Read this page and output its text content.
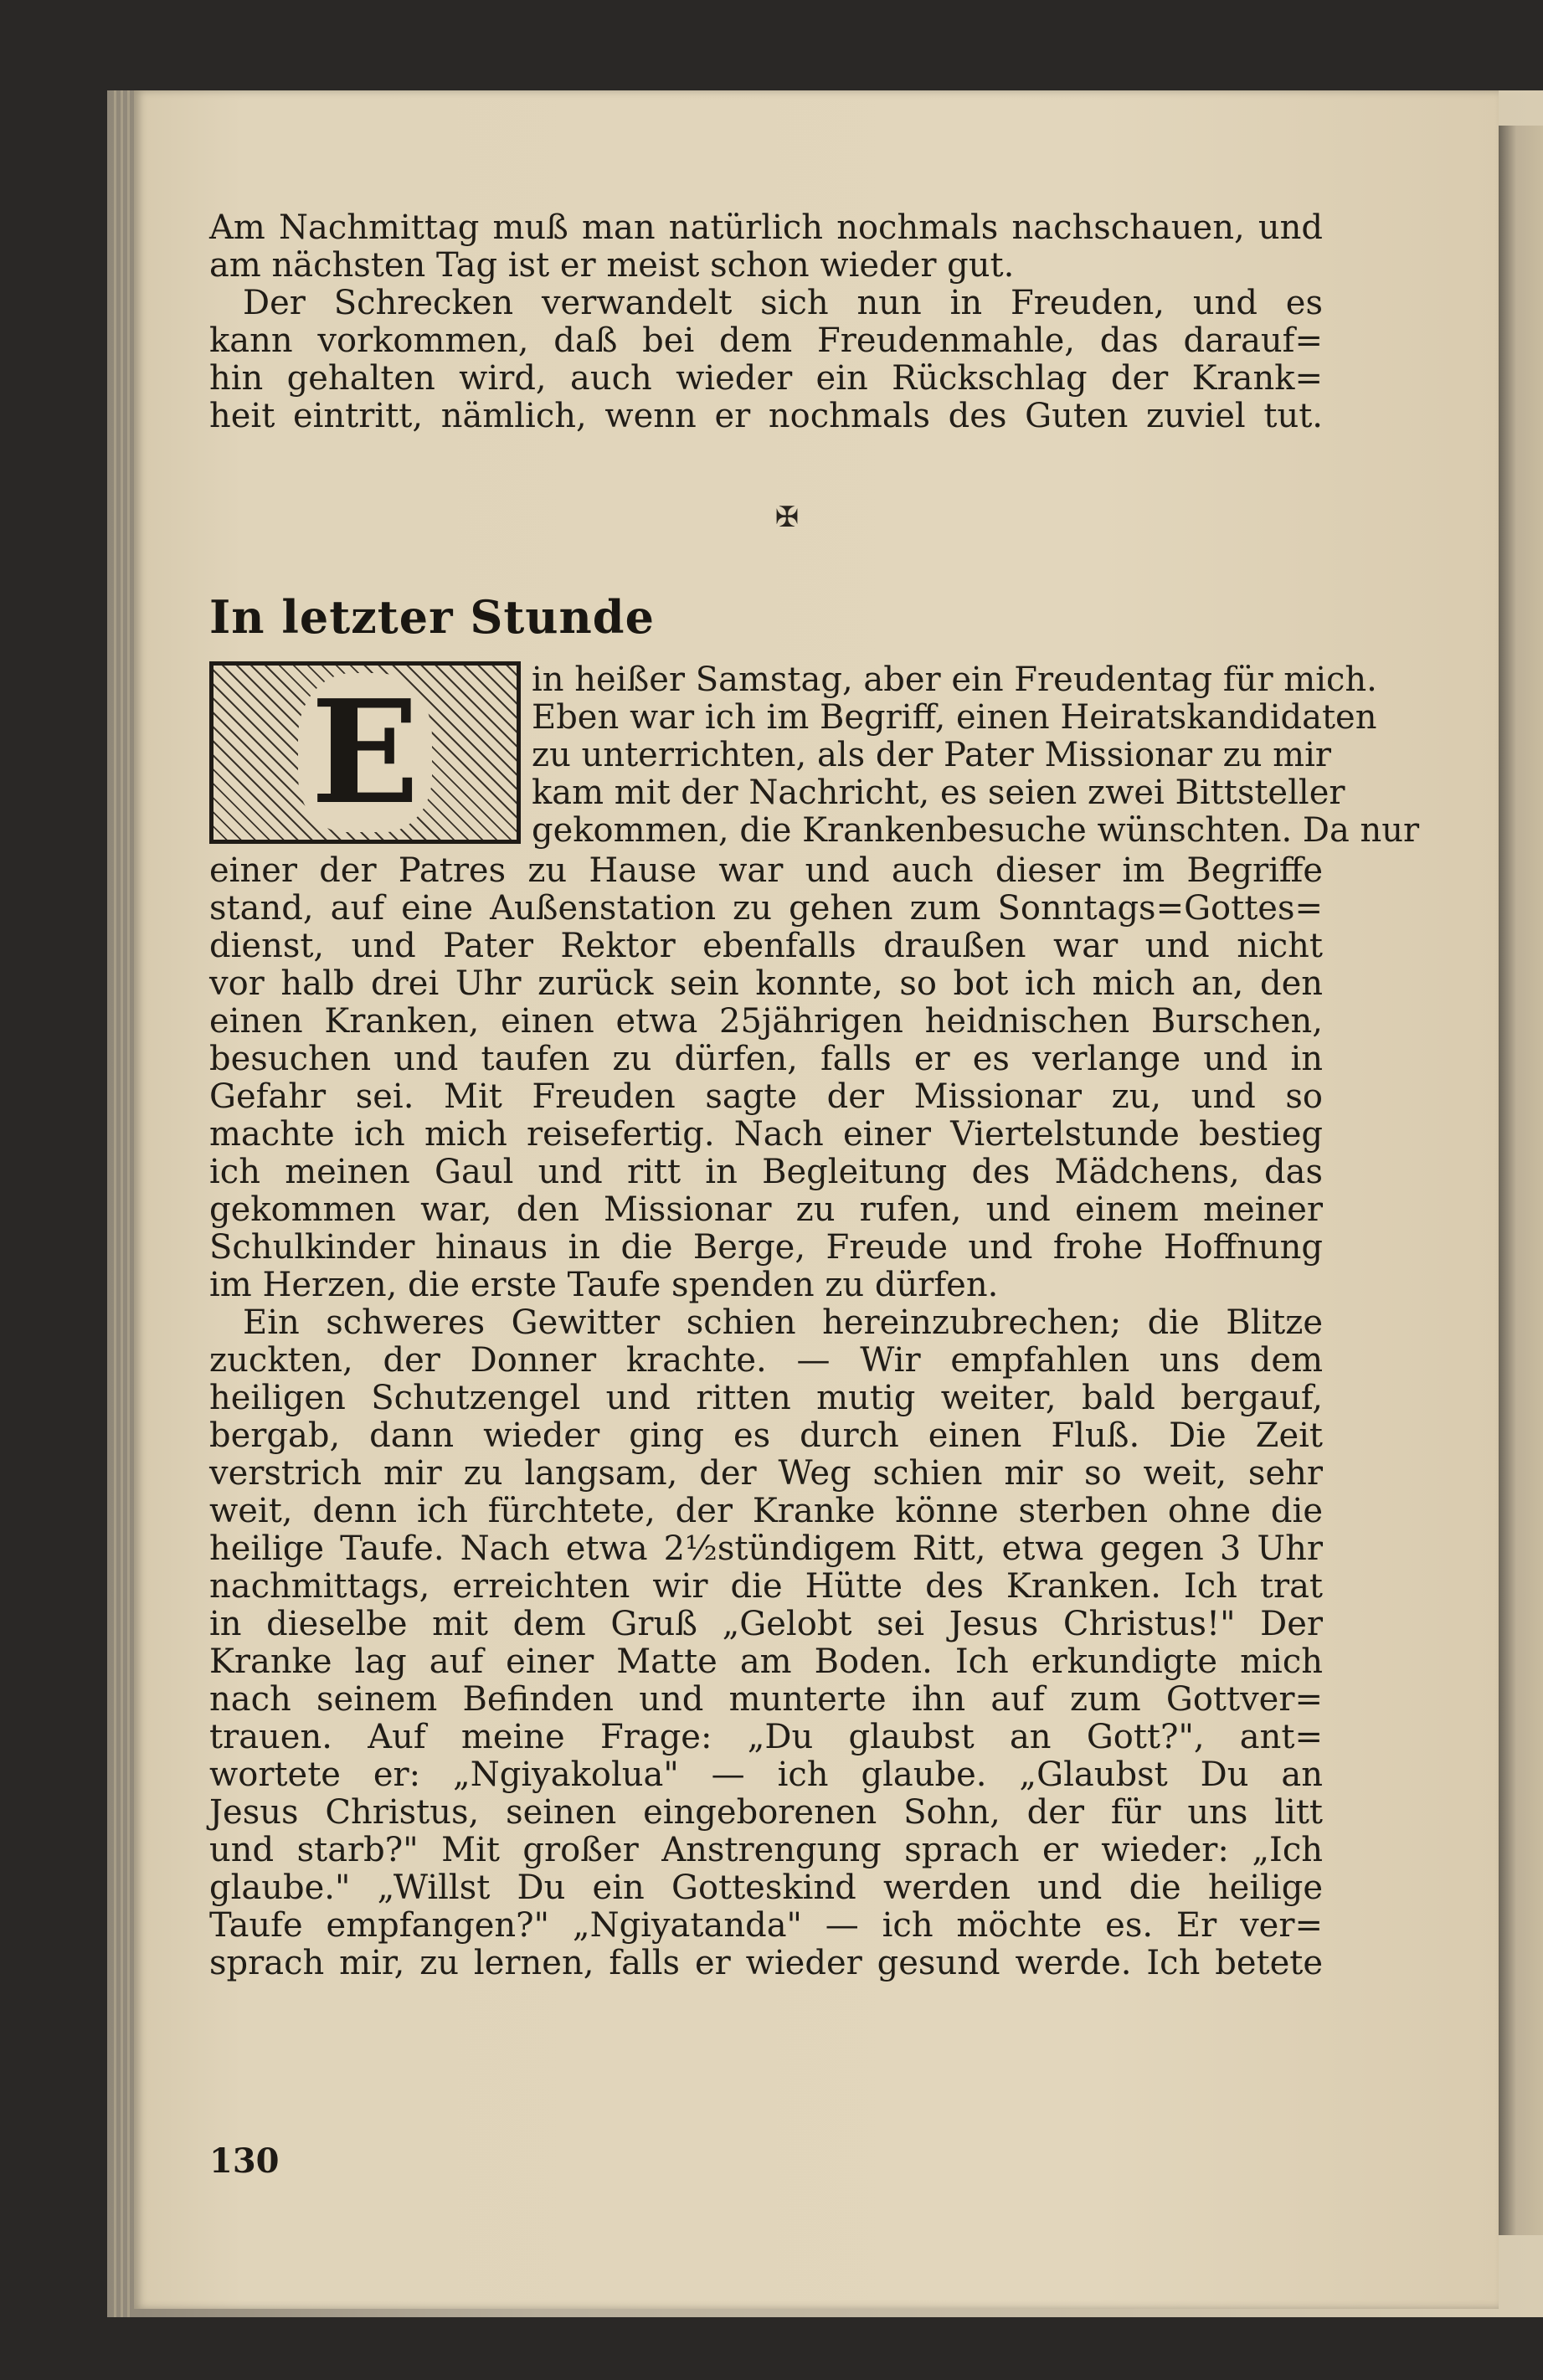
Am Nachmittag muß man natürlich nochmals nachschauen, und

am nächsten Tag ist er meist schon wieder gut.

Der Schrecken verwandelt sich nun in Freuden, und es

kann vorkommen, daß bei dem Freudenmahle, das darauf=

hin gehalten wird, auch wieder ein Rückschlag der Krank=

heit eintritt, nämlich, wenn er nochmals des Guten zuviel tut.

✠
In letzter Stunde
E	in heißer Samstag, aber ein Freudentag für mich.

Eben war ich im Begriff, einen Heiratskandidaten

zu unterrichten, als der Pater Missionar zu mir

kam mit der Nachricht, es seien zwei Bittsteller

gekommen, die Krankenbesuche wünschten. Da nur

einer der Patres zu Hause war und auch dieser im Begriffe

stand, auf eine Außenstation zu gehen zum Sonntags=Gottes=

dienst, und Pater Rektor ebenfalls draußen war und nicht

vor halb drei Uhr zurück sein konnte, so bot ich mich an, den

einen Kranken, einen etwa 25jährigen heidnischen Burschen,

besuchen und taufen zu dürfen, falls er es verlange und in

Gefahr sei. Mit Freuden sagte der Missionar zu, und so

machte ich mich reisefertig. Nach einer Viertelstunde bestieg

ich meinen Gaul und ritt in Begleitung des Mädchens, das

gekommen war, den Missionar zu rufen, und einem meiner

Schulkinder hinaus in die Berge, Freude und frohe Hoffnung

im Herzen, die erste Taufe spenden zu dürfen.

Ein schweres Gewitter schien hereinzubrechen; die Blitze

zuckten, der Donner krachte. — Wir empfahlen uns dem

heiligen Schutzengel und ritten mutig weiter, bald bergauf,

bergab, dann wieder ging es durch einen Fluß. Die Zeit

verstrich mir zu langsam, der Weg schien mir so weit, sehr

weit, denn ich fürchtete, der Kranke könne sterben ohne die

heilige Taufe. Nach etwa 2½stündigem Ritt, etwa gegen 3 Uhr

nachmittags, erreichten wir die Hütte des Kranken. Ich trat

in dieselbe mit dem Gruß „Gelobt sei Jesus Christus!" Der

Kranke lag auf einer Matte am Boden. Ich erkundigte mich

nach seinem Befinden und munterte ihn auf zum Gottver=

trauen. Auf meine Frage: „Du glaubst an Gott?", ant=

wortete er: „Ngiyakolua" — ich glaube. „Glaubst Du an

Jesus Christus, seinen eingeborenen Sohn, der für uns litt

und starb?" Mit großer Anstrengung sprach er wieder: „Ich

glaube." „Willst Du ein Gotteskind werden und die heilige

Taufe empfangen?" „Ngiyatanda" — ich möchte es. Er ver=

sprach mir, zu lernen, falls er wieder gesund werde. Ich betete

130
